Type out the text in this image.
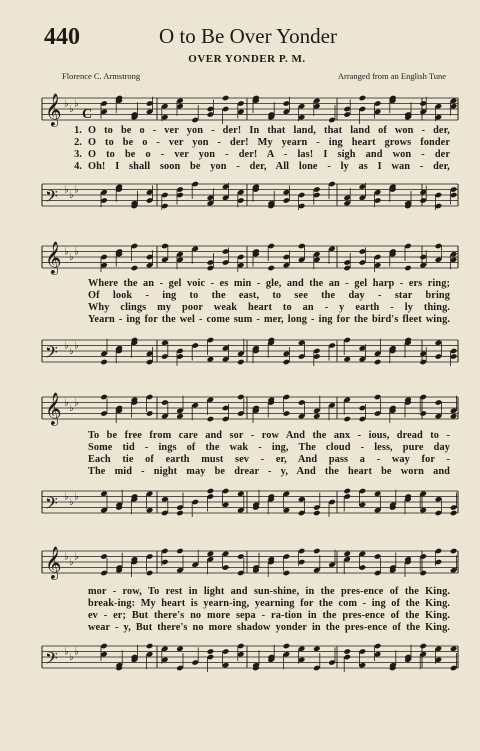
440	O to Be Over Yonder
OVER YONDER P. M.
Florence C. Armstrong	Arranged from an English Tune
𝄞 ♭ ♭ ♭
C
1. O to be o - ver yon - der! In that land, that land of won - der,
2. O to be o - ver yon - der! My yearn - ing heart grows fonder
3. O to be o - ver yon - der! A - las! I sigh and won - der
4. Oh! I shall soon be yon - der, All lone - ly as I wan - der,
𝄢 ♭ ♭ ♭
𝄞 ♭ ♭ ♭
Where the an - gel voic - es min - gle, and the an - gel harp - ers ring;
Of look - ing to the east, to see the day - star bring
Why clings my poor weak heart to an - y earth - ly thing.
Yearn - ing for the wel - come sum - mer, long - ing for the bird's fleet wing.
𝄢 ♭ ♭ ♭
𝄞 ♭ ♭ ♭
To be free from care and sor - row And the anx - ious, dread to -
Some tid - ings of the wak - ing, The cloud - less, pure day
Each tie of earth must sev - er, And pass a - way for -
The mid - night may be drear - y, And the heart be worn and
𝄢 ♭ ♭ ♭
𝄞 ♭ ♭ ♭
mor - row, To rest in light and sun-shine, in the pres-ence of the King.
break-ing: My heart is yearn-ing, yearning for the com - ing of the King.
ev - er; But there's no more sepa - ra-tion in the pres-ence of the King.
wear - y, But there's no more shadow yonder in the pres-ence of the King.
𝄢 ♭ ♭ ♭
